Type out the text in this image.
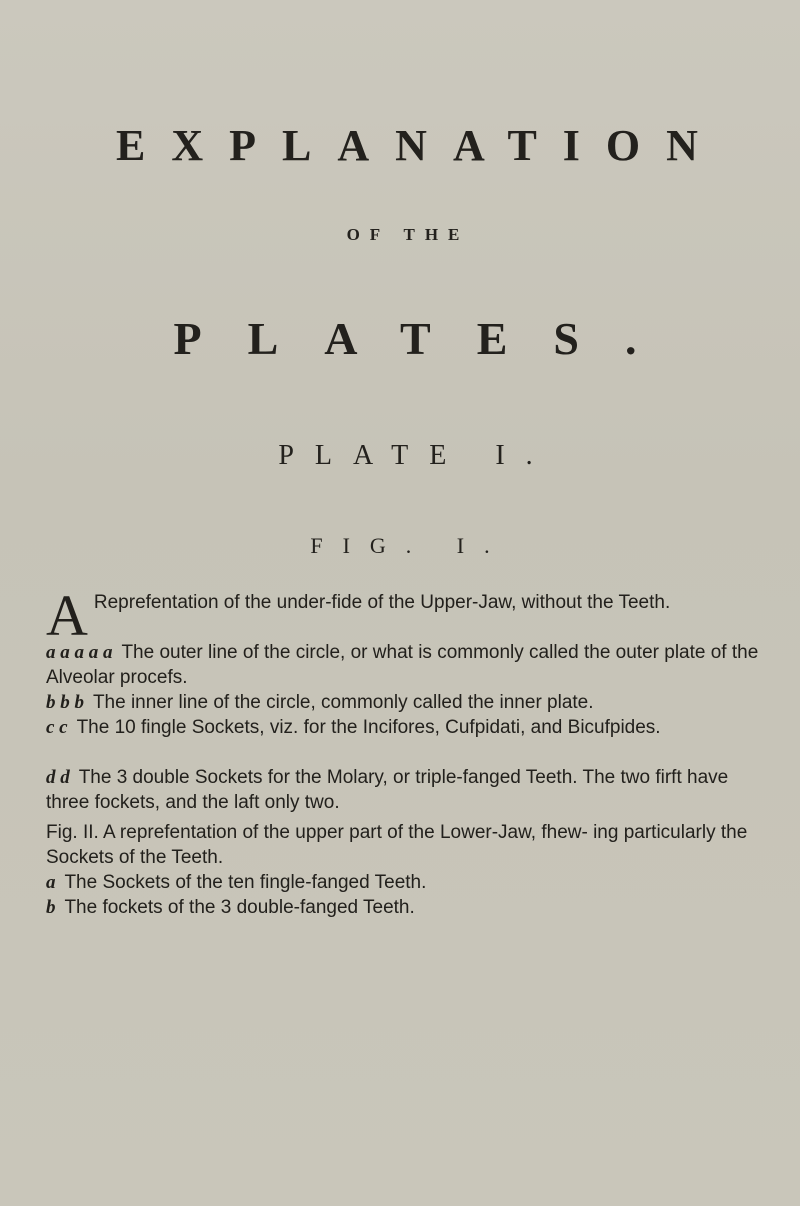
EXPLANATION
OF THE
PLATES.
PLATE I.
FIG. I.

A Reprefentation of the under-fide of the Upper-Jaw, without the Teeth.

a a a a a The outer line of the circle, or what is commonly called the outer plate of the Alveolar procefs.

b b b The inner line of the circle, commonly called the inner plate.

c c The 10 fingle Sockets, viz. for the Incifores, Cufpidati, and Bicufpides.

d d The 3 double Sockets for the Molary, or triple-fanged Teeth. The two firft have three fockets, and the laft only two.

Fig. II. A reprefentation of the upper part of the Lower-Jaw, fhew- ing particularly the Sockets of the Teeth.

a The Sockets of the ten fingle-fanged Teeth.

b The fockets of the 3 double-fanged Teeth.
